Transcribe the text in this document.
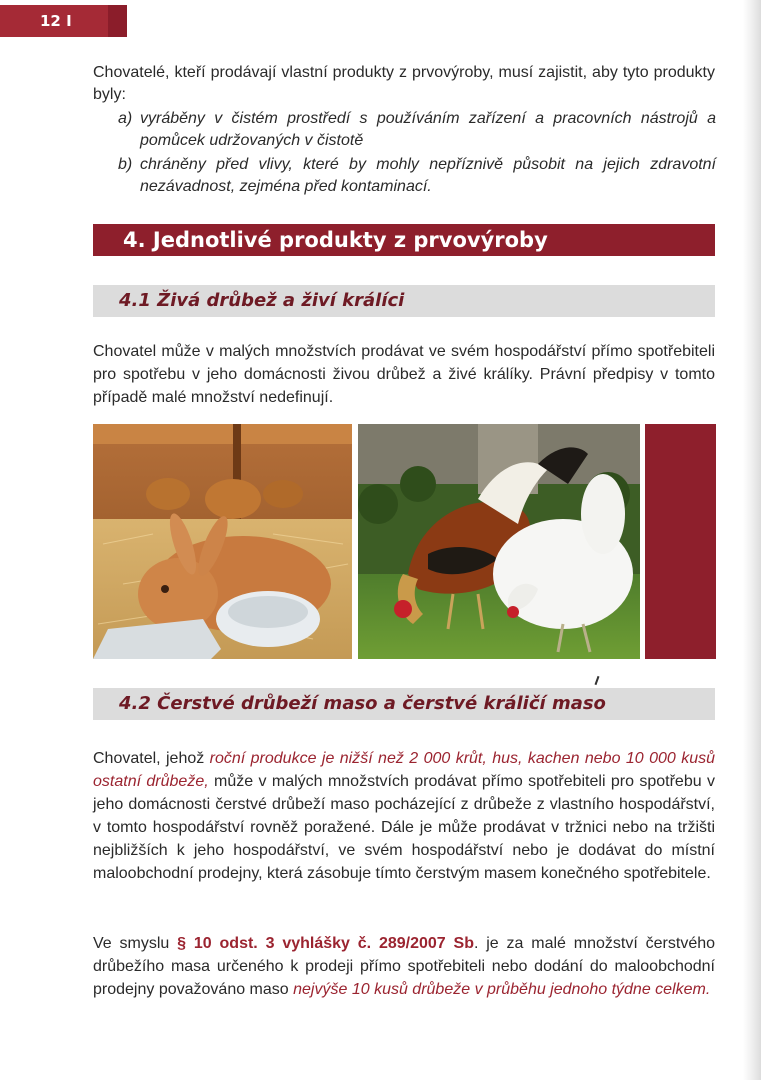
12 I
Chovatelé, kteří prodávají vlastní produkty z prvovýroby, musí zajistit, aby tyto produkty byly:
a) vyráběny v čistém prostředí s používáním zařízení a pracovních nástrojů a pomůcek udržovaných v čistotě
b) chráněny před vlivy, které by mohly nepříznivě působit na jejich zdravotní nezávadnost, zejména před kontaminací.
4. Jednotlivé produkty z prvovýroby
4.1 Živá drůbež a živí králíci
Chovatel může v malých množstvích prodávat ve svém hospodářství přímo spotřebiteli pro spotřebu v jeho domácnosti živou drůbež a živé králíky. Právní předpisy v tomto případě malé množství nedefinují.
4.2 Čerstvé drůbeží maso a čerstvé králičí maso
Chovatel, jehož roční produkce je nižší než 2 000 krůt, hus, kachen nebo 10 000 kusů ostatní drůbeže, může v malých množstvích prodávat přímo spotřebiteli pro spotřebu v jeho domácnosti čerstvé drůbeží maso pocházející z drůbeže z vlastního hospodářství, v tomto hospodářství rovněž poražené. Dále je může prodávat v tržnici nebo na tržišti nejbližších k jeho hospodářství, ve svém hospodářství nebo je dodávat do místní maloobchodní prodejny, která zásobuje tímto čerstvým masem konečného spotřebitele.
Ve smyslu § 10 odst. 3 vyhlášky č. 289/2007 Sb. je za malé množství čerstvého drůbežího masa určeného k prodeji přímo spotřebiteli nebo dodání do maloobchodní prodejny považováno maso nejvýše 10 kusů drůbeže v průběhu jednoho týdne celkem.
